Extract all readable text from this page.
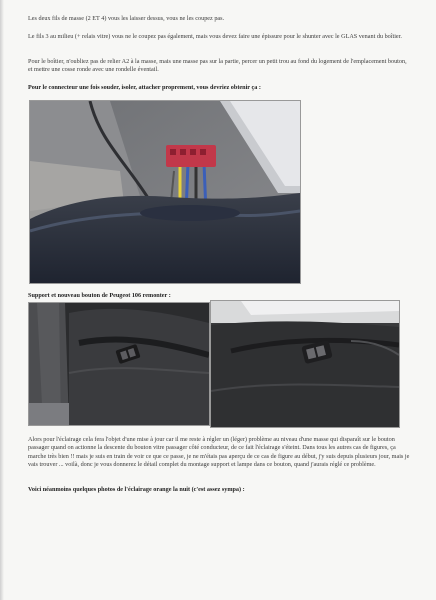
Les deux fils de masse (2 ET 4) vous les laisser dessus, vous ne les coupez pas.
Le fils 3 au milieu (+ relais vitre) vous ne le coupez pas également, mais vous devez faire une épissure pour le shunter avec le GLAS venant du boîtier.
Pour le boîtier, n'oubliez pas de relier A2 à la masse, mais une masse pas sur la partie, percer un petit trou au fond du logement de l'emplacement bouton, et mettre une cosse ronde avec une rondelle éventail.
Pour le connecteur une fois souder, isoler, attacher proprement, vous devriez obtenir ça :
Support et nouveau bouton de Peugeot 106 remonter :
Alors pour l'éclairage cela fera l'objet d'une mise à jour car il me reste à régler un (léger) problème au niveau d'une masse qui disparaît sur le bouton passager quand on actionne la descente du bouton vitre passager côté conducteur, de ce fait l'éclairage s'éteint. Dans tous les autres cas de figures, ça marche très bien !! mais je suis en train de voir ce que ce passe, je ne m'étais pas aperçu de ce cas de figure au début, j'y suis depuis plusieurs jour, mais je vais trouver ... voilà, donc je vous donnerez le détail complet du montage support et lampe dans ce bouton, quand j'aurais réglé ce problème.
Voici néanmoins quelques photos de l'éclairage orange la nuit (c'est assez sympa) :
